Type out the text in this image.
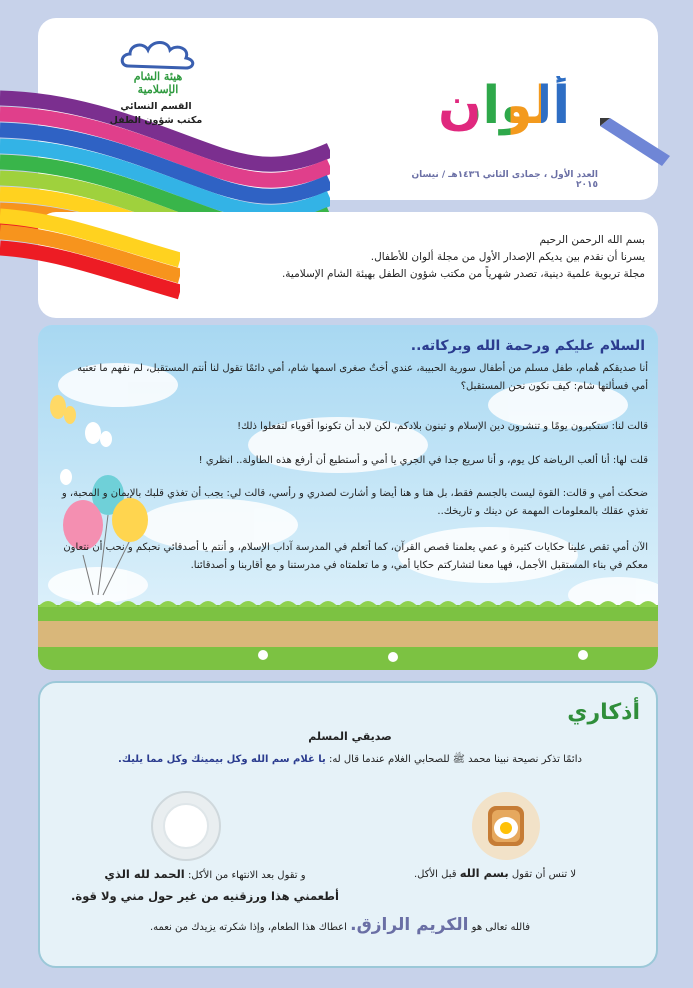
هيئة الشام الإسلامية
القسم النسائي
مكتب شؤون الطفل	ألوان
العدد الأول ، جمادى الثاني ١٤٣٦هـ / نيسان ٢٠١٥
بسم الله الرحمن الرحيم
يسرنا أن نقدم بين يديكم الإصدار الأول من مجلة ألوان للأطفال.
مجلة تربوية علمية دينية، تصدر شهرياً من مكتب شؤون الطفل بهيئة الشام الإسلامية.
السلام عليكم ورحمة الله وبركاته..
أنا صديقكم هُمام، طفل مسلم من أطفال سورية الحبيبة، عندي أختٌ صغرى اسمها شام، أمي دائمًا تقول لنا أنتم المستقبل، لم نفهم ما تعنيه أمي فسألتها شام: كيف نكون نحن المستقبل؟
قالت لنا: ستكبرون يومًا و تنشرون دين الإسلام و تبنون بلادكم، لكن لابد أن تكونوا أقوياء لتفعلوا ذلك!
قلت لها: أنا ألعب الرياضة كل يوم، و أنا سريع جدا في الجري يا أمي و أستطيع أن أرفع هذه الطاولة.. انظري !
ضحكت أمي و قالت: القوة ليست بالجسم فقط، بل هنا و هنا أيضا و أشارت لصدري و رأسي، قالت لي: يجب أن تغذي قلبك بالإيمان و المحبة، و تغذي عقلك بالمعلومات المهمة عن دينك و تاريخك..
الآن أمي تقص علينا حكايات كثيرة و عمي يعلمنا قصص القرآن، كما أتعلم في المدرسة آداب الإسلام، و أنتم يا أصدقائي نحبكم و نحب أن نتعاون معكم في بناء المستقبل الأجمل، فهيا معنا لتشاركتم حكايا أمي، و ما تعلمتاه في مدرستنا و مع أقاربنا و أصدقائنا.
أذكاري
صديقي المسلم
دائمًا تذكر نصيحة نبينا محمد ﷺ للصحابي الغلام عندما قال له: يا غلام سم الله وكل بيمينك وكل مما يليك.
لا تنس أن تقول بسم الله قبل الأكل.
و تقول بعد الانتهاء من الأكل: الحمد لله الذي
أطعمني هذا ورزقنيه من غير حول مني ولا قوة.
فالله تعالى هو الكريم الرازق. اعطاك هذا الطعام، وإذا شكرته يزيدك من نعمه.
